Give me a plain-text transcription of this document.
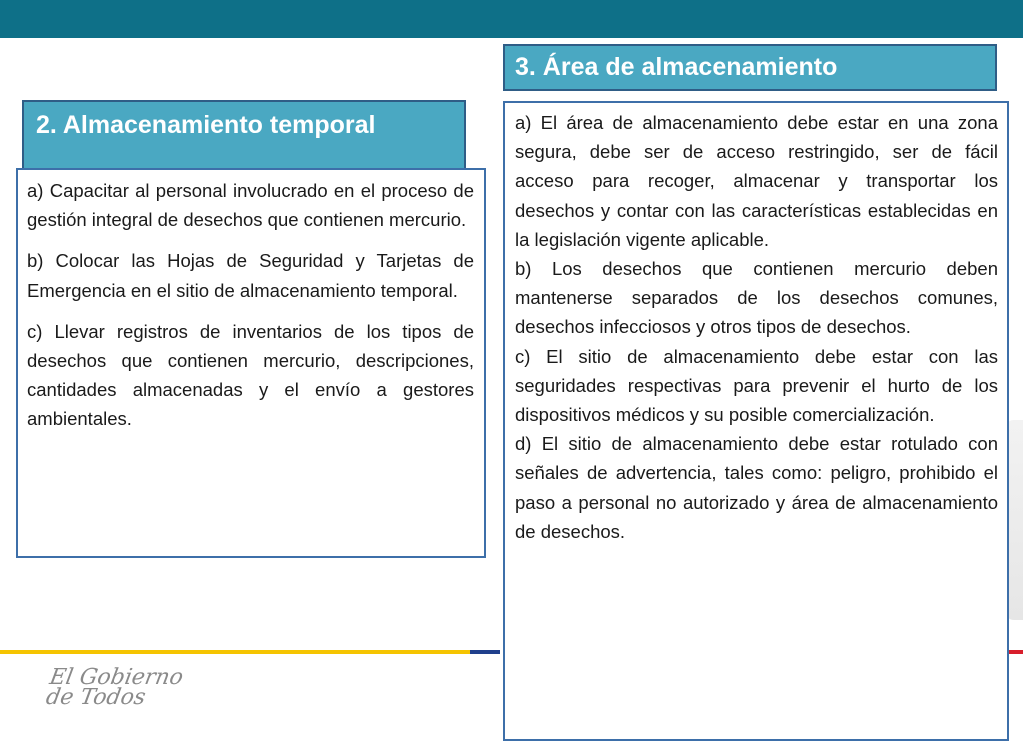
2. Almacenamiento temporal

a) Capacitar al personal involucrado en el proceso de gestión integral de desechos que contienen mercurio.

b) Colocar las Hojas de Seguridad y Tarjetas de Emergencia en el sitio de almacenamiento temporal.

c) Llevar registros de inventarios de los tipos de desechos que contienen mercurio, descripciones, cantidades almacenadas y el envío a gestores ambientales.

3. Área de almacenamiento

a) El área de almacenamiento debe estar en una zona segura, debe ser de acceso restringido, ser de fácil acceso para recoger, almacenar y transportar los desechos y contar con las características establecidas en la legislación vigente aplicable.

b) Los desechos que contienen mercurio deben mantenerse separados de los desechos comunes, desechos infecciosos y otros tipos de desechos.

c) El sitio de almacenamiento debe estar con las seguridades respectivas para prevenir el hurto de los dispositivos médicos y su posible comercialización.

d) El sitio de almacenamiento debe estar rotulado con señales de advertencia, tales como: peligro, prohibido el paso a personal no autorizado y área de almacenamiento de desechos.

El Gobierno
de Todos
